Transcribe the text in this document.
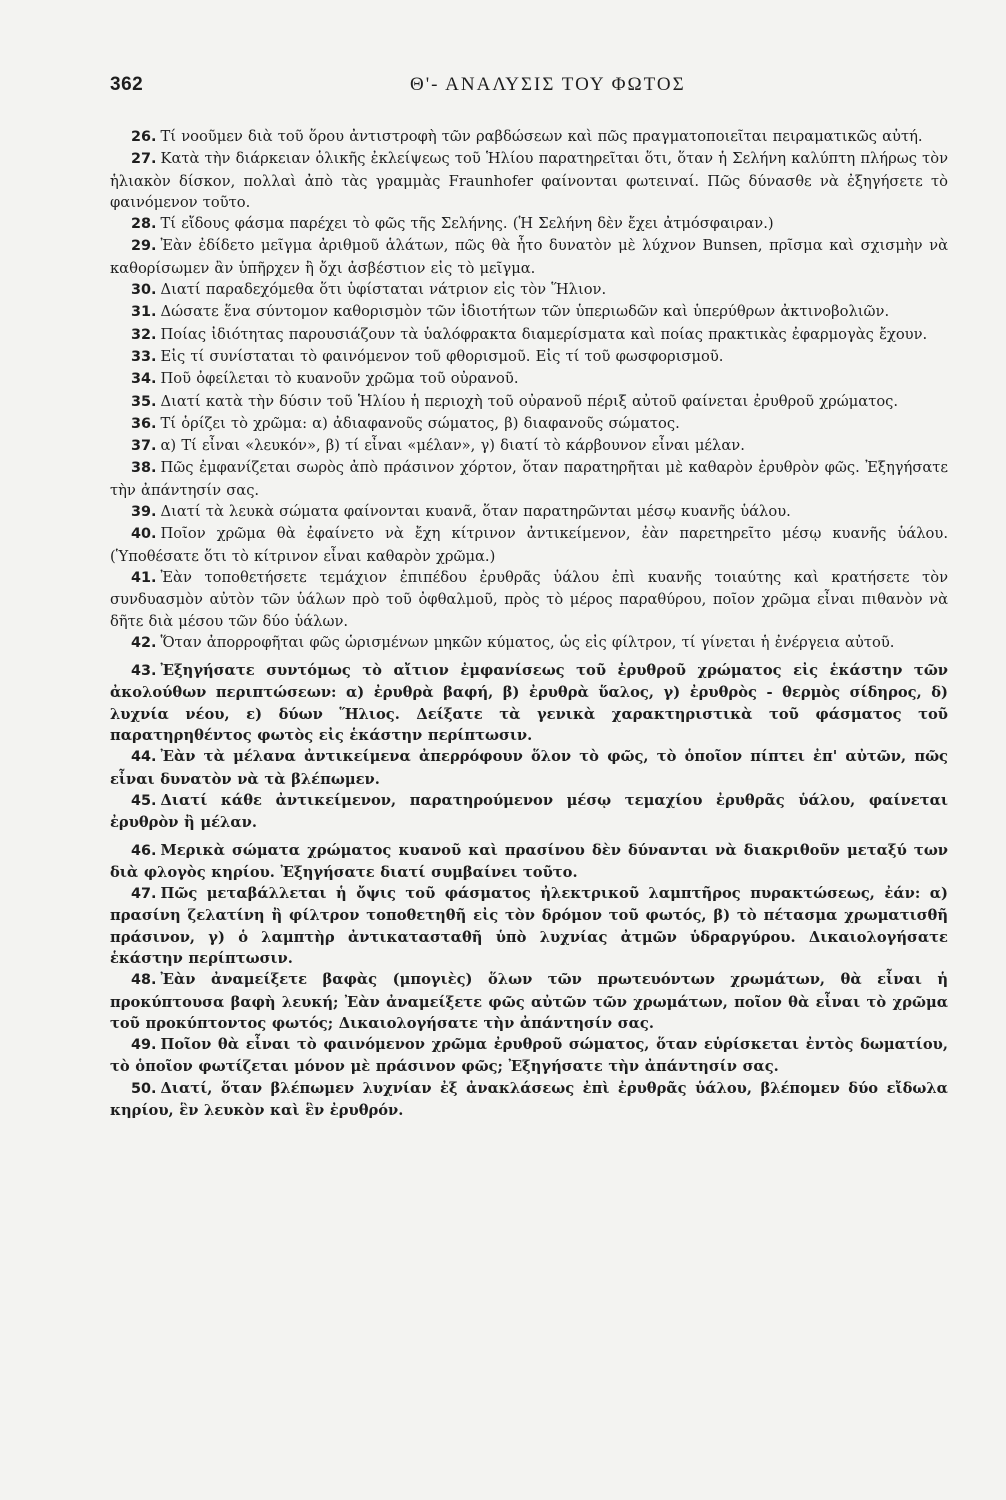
362	Θ'- ΑΝΑΛΥΣΙΣ ΤΟΥ ΦΩΤΟΣ
26. Τί νοοῦμεν διὰ τοῦ ὅρου ἀντιστροφὴ τῶν ραβδώσεων καὶ πῶς πραγματοποιεῖται πειραματικῶς αὐτή.
27. Κατὰ τὴν διάρκειαν ὁλικῆς ἐκλείψεως τοῦ Ἡλίου παρατηρεῖται ὅτι, ὅταν ἡ Σελήνη καλύπτη πλήρως τὸν ἡλιακὸν δίσκον, πολλαὶ ἀπὸ τὰς γραμμὰς Fraunhofer φαίνονται φωτειναί. Πῶς δύνασθε νὰ ἐξηγήσετε τὸ φαινόμενον τοῦτο.
28. Τί εἴδους φάσμα παρέχει τὸ φῶς τῆς Σελήνης. (Ἡ Σελήνη δὲν ἔχει ἀτμόσφαιραν.)
29. Ἐὰν ἐδίδετο μεῖγμα ἀριθμοῦ ἁλάτων, πῶς θὰ ἦτο δυνατὸν μὲ λύχνον Bunsen, πρῖσμα καὶ σχισμὴν νὰ καθορίσωμεν ἂν ὑπῆρχεν ἢ ὄχι ἀσβέστιον εἰς τὸ μεῖγμα.
30. Διατί παραδεχόμεθα ὅτι ὑφίσταται νάτριον εἰς τὸν Ἥλιον.
31. Δώσατε ἕνα σύντομον καθορισμὸν τῶν ἰδιοτήτων τῶν ὑπεριωδῶν καὶ ὑπερύθρων ἀκτινοβολιῶν.
32. Ποίας ἰδιότητας παρουσιάζουν τὰ ὑαλόφρακτα διαμερίσματα καὶ ποίας πρακτικὰς ἐφαρμογὰς ἔχουν.
33. Εἰς τί συνίσταται τὸ φαινόμενον τοῦ φθορισμοῦ. Εἰς τί τοῦ φωσφορισμοῦ.
34. Ποῦ ὀφείλεται τὸ κυανοῦν χρῶμα τοῦ οὐρανοῦ.
35. Διατί κατὰ τὴν δύσιν τοῦ Ἡλίου ἡ περιοχὴ τοῦ οὐρανοῦ πέριξ αὐτοῦ φαίνεται ἐρυθροῦ χρώματος.
36. Τί ὁρίζει τὸ χρῶμα: α) ἀδιαφανοῦς σώματος, β) διαφανοῦς σώματος.
37. α) Τί εἶναι «λευκόν», β) τί εἶναι «μέλαν», γ) διατί τὸ κάρβουνον εἶναι μέλαν.
38. Πῶς ἐμφανίζεται σωρὸς ἀπὸ πράσινον χόρτον, ὅταν παρατηρῆται μὲ καθαρὸν ἐρυθρὸν φῶς. Ἐξηγήσατε τὴν ἀπάντησίν σας.
39. Διατί τὰ λευκὰ σώματα φαίνονται κυανᾶ, ὅταν παρατηρῶνται μέσῳ κυανῆς ὑάλου.
40. Ποῖον χρῶμα θὰ ἐφαίνετο νὰ ἔχη κίτρινον ἀντικείμενον, ἐὰν παρετηρεῖτο μέσῳ κυανῆς ὑάλου. (Ὑποθέσατε ὅτι τὸ κίτρινον εἶναι καθαρὸν χρῶμα.)
41. Ἐὰν τοποθετήσετε τεμάχιον ἐπιπέδου ἐρυθρᾶς ὑάλου ἐπὶ κυανῆς τοιαύτης καὶ κρατήσετε τὸν συνδυασμὸν αὐτὸν τῶν ὑάλων πρὸ τοῦ ὀφθαλμοῦ, πρὸς τὸ μέρος παραθύρου, ποῖον χρῶμα εἶναι πιθανὸν νὰ δῆτε διὰ μέσου τῶν δύο ὑάλων.
42. Ὅταν ἀπορροφῆται φῶς ὡρισμένων μηκῶν κύματος, ὡς εἰς φίλτρον, τί γίνεται ἡ ἐνέργεια αὐτοῦ.
43. Ἐξηγήσατε συντόμως τὸ αἴτιον ἐμφανίσεως τοῦ ἐρυθροῦ χρώματος εἰς ἑκάστην τῶν ἀκολούθων περιπτώσεων: α) ἐρυθρὰ βαφή, β) ἐρυθρὰ ὕαλος, γ) ἐρυθρὸς - θερμὸς σίδηρος, δ) λυχνία νέου, ε) δύων Ἥλιος. Δείξατε τὰ γενικὰ χαρακτηριστικὰ τοῦ φάσματος τοῦ παρατηρηθέντος φωτὸς εἰς ἑκάστην περίπτωσιν.
44. Ἐὰν τὰ μέλανα ἀντικείμενα ἀπερρόφουν ὅλον τὸ φῶς, τὸ ὁποῖον πίπτει ἐπ' αὐτῶν, πῶς εἶναι δυνατὸν νὰ τὰ βλέπωμεν.
45. Διατί κάθε ἀντικείμενον, παρατηρούμενον μέσῳ τεμαχίου ἐρυθρᾶς ὑάλου, φαίνεται ἐρυθρὸν ἢ μέλαν.
46. Μερικὰ σώματα χρώματος κυανοῦ καὶ πρασίνου δὲν δύνανται νὰ διακριθοῦν μεταξύ των διὰ φλογὸς κηρίου. Ἐξηγήσατε διατί συμβαίνει τοῦτο.
47. Πῶς μεταβάλλεται ἡ ὄψις τοῦ φάσματος ἠλεκτρικοῦ λαμπτῆρος πυρακτώσεως, ἐάν: α) πρασίνη ζελατίνη ἢ φίλτρον τοποθετηθῆ εἰς τὸν δρόμον τοῦ φωτός, β) τὸ πέτασμα χρωματισθῆ πράσινον, γ) ὁ λαμπτὴρ ἀντικατασταθῆ ὑπὸ λυχνίας ἀτμῶν ὑδραργύρου. Δικαιολογήσατε ἑκάστην περίπτωσιν.
48. Ἐὰν ἀναμείξετε βαφὰς (μπογιὲς) ὅλων τῶν πρωτευόντων χρωμάτων, θὰ εἶναι ἡ προκύπτουσα βαφὴ λευκή; Ἐὰν ἀναμείξετε φῶς αὐτῶν τῶν χρωμάτων, ποῖον θὰ εἶναι τὸ χρῶμα τοῦ προκύπτοντος φωτός; Δικαιολογήσατε τὴν ἀπάντησίν σας.
49. Ποῖον θὰ εἶναι τὸ φαινόμενον χρῶμα ἐρυθροῦ σώματος, ὅταν εὑρίσκεται ἐντὸς δωματίου, τὸ ὁποῖον φωτίζεται μόνον μὲ πράσινον φῶς; Ἐξηγήσατε τὴν ἀπάντησίν σας.
50. Διατί, ὅταν βλέπωμεν λυχνίαν ἐξ ἀνακλάσεως ἐπὶ ἐρυθρᾶς ὑάλου, βλέπομεν δύο εἴδωλα κηρίου, ἓν λευκὸν καὶ ἓν ἐρυθρόν.
